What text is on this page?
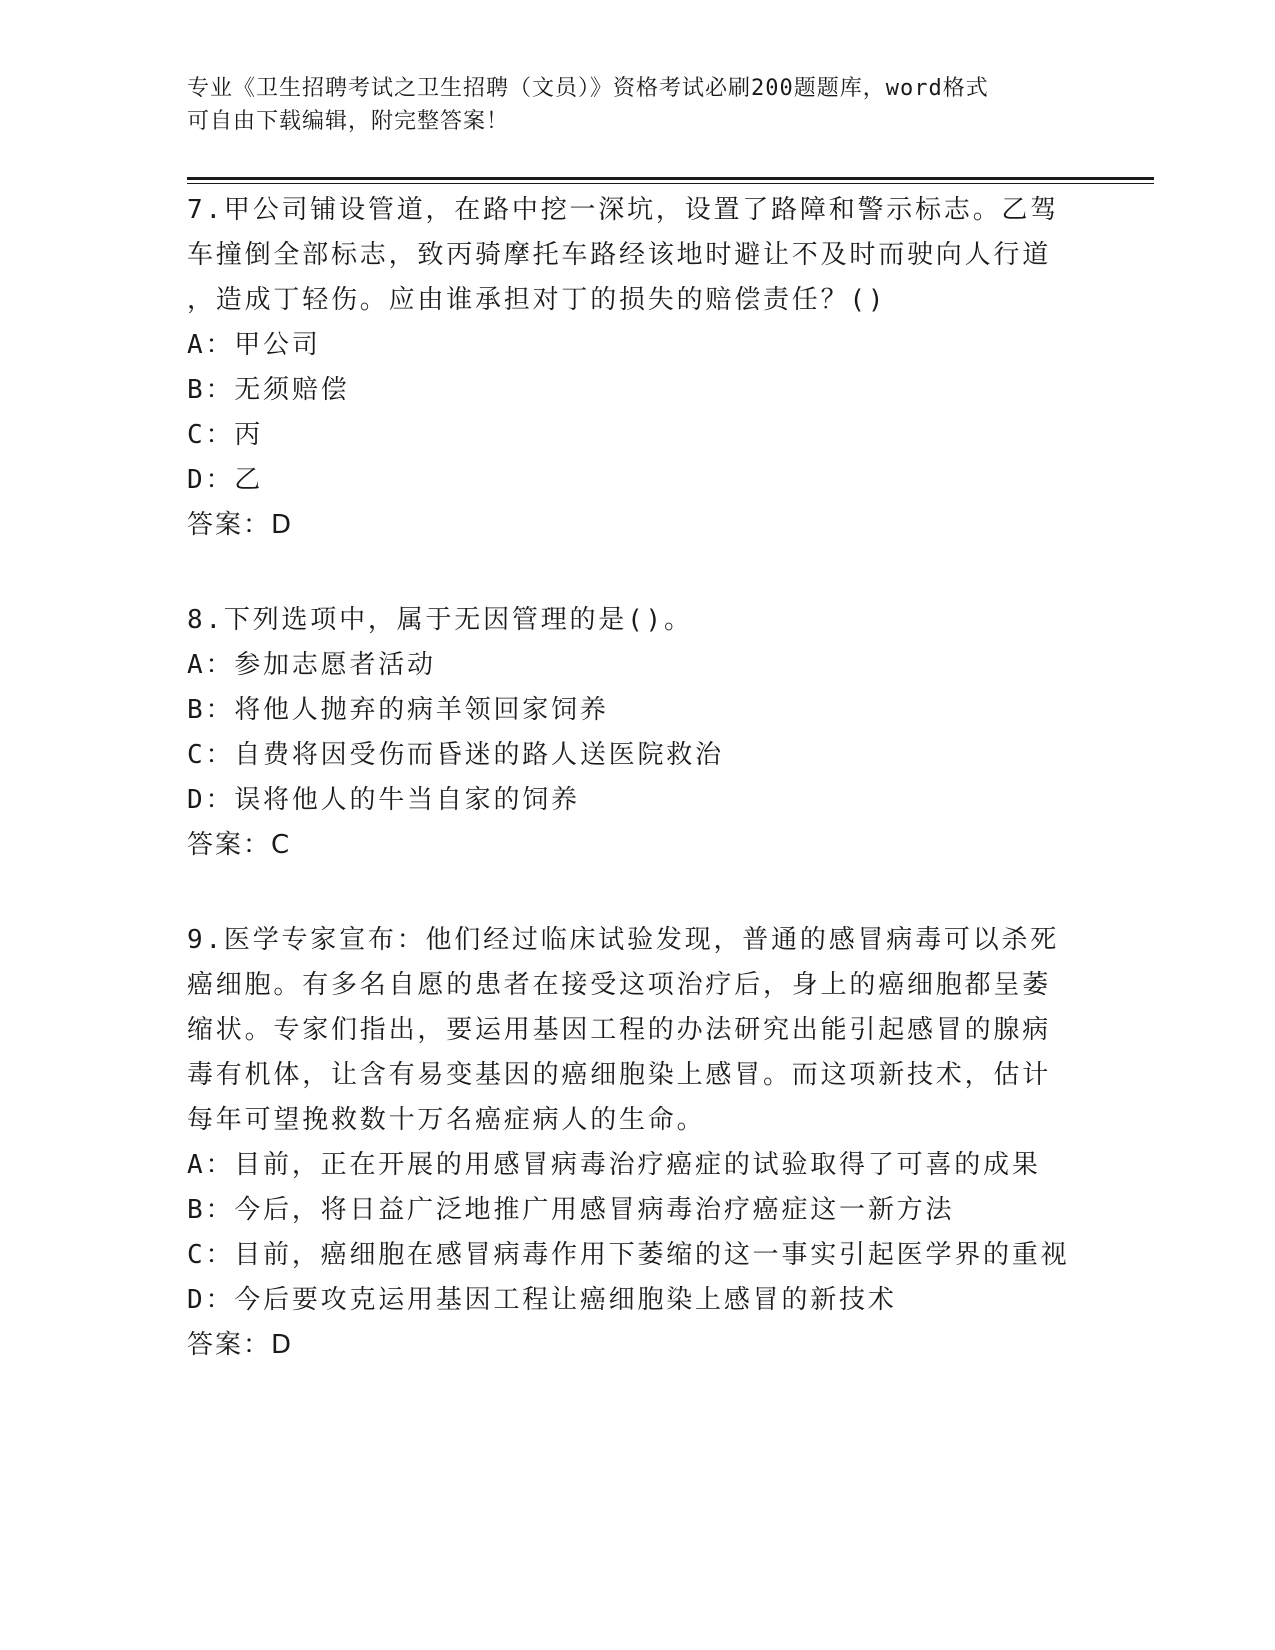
专业《卫生招聘考试之卫生招聘（文员）》资格考试必刷200题题库，word格式
可自由下载编辑，附完整答案！
7.甲公司铺设管道，在路中挖一深坑，设置了路障和警示标志。乙驾
车撞倒全部标志，致丙骑摩托车路经该地时避让不及时而驶向人行道
，造成丁轻伤。应由谁承担对丁的损失的赔偿责任？()
A：甲公司
B：无须赔偿
C：丙
D：乙
答案：D
8.下列选项中，属于无因管理的是()。
A：参加志愿者活动
B：将他人抛弃的病羊领回家饲养
C：自费将因受伤而昏迷的路人送医院救治
D：误将他人的牛当自家的饲养
答案：C
9.医学专家宣布：他们经过临床试验发现，普通的感冒病毒可以杀死
癌细胞。有多名自愿的患者在接受这项治疗后，身上的癌细胞都呈萎
缩状。专家们指出，要运用基因工程的办法研究出能引起感冒的腺病
毒有机体，让含有易变基因的癌细胞染上感冒。而这项新技术，估计
每年可望挽救数十万名癌症病人的生命。
A：目前，正在开展的用感冒病毒治疗癌症的试验取得了可喜的成果
B：今后，将日益广泛地推广用感冒病毒治疗癌症这一新方法
C：目前，癌细胞在感冒病毒作用下萎缩的这一事实引起医学界的重视
D：今后要攻克运用基因工程让癌细胞染上感冒的新技术
答案：D
